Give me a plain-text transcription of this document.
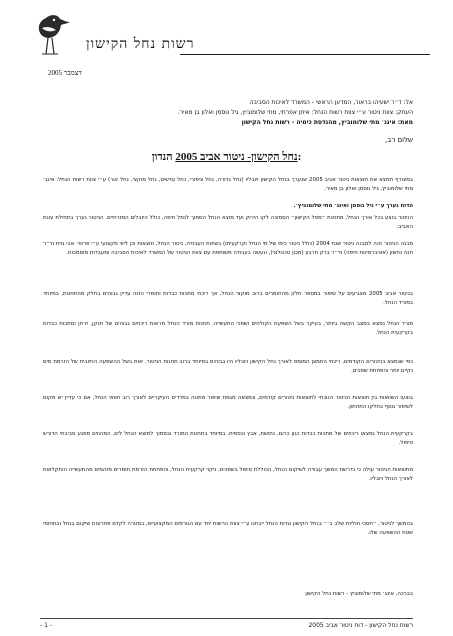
רשות נחל הקישון
דצמבר 2005
אל: ד״ר ישעיהו בראור, המדען הראשי - המשרד לאיכות הסביבה
העתק: צוות ניטור ע״י צוות רשות הנחל: איתן אפרתי, מתי שלומוביץ, גיל נוסמן ואלון בן מאיר.
מאת: אינג׳ מתי שלומוביץ, מהנדסת כימיה - רשות נחל הקישון
שלום רב,
נחל הקישון- ניטור אביב 2005 הנדון:
במצורף תמצא את תוצאות ניטור אביב 2005 שנערך בנחל הקישון ויובליו (נחל גדורה, נחל ציפורי, נחל עדשים, נחל מוקצי, נחל יגור) ע״י צוות רשות הנחל: אינג׳ מתי שלומוביץ, גיל נוסמן ואלון בן מאיר.
הדוח נערך ע״י גיל נוסמן ואינג׳ מתי שלומוביץ׳.
הניטור בוצע בכל אורך הנחל, מתחנת ״מפל הקישון״ הסמוכה לקו הירוק ועד מוצא הנחל הסמוך לנמל חיפה, כולל היובלים המזרחיים. הניטור נערך בתחילת עונת האביב.
מבנה הניטור זהה למבנה ניטור שנת 2004 (כולל ניטור כימי של מי הנחל וקרקעיתו) בשיטת העבודה, ניטור הנחל, תוצאות וכן ליווי מקצועי ע״י פרופ׳ אבי גזית וד״ר חנה נחשון (אוניברסיטת חיפה) וד״ר ברק חרבון (מכון טכנולוגי), ונעשה בעבודה משותפת עם צוות הניטור של המשרד לאיכות הסביבה ומעבדות מוסמכות.
בניטור אביב 2005 מצביעים על שיפור במספר חלק מהחומרים ברוב מוקצי הנחל, אך ריכוזי מתכות כבדות וחומרי הזנה עדיין גבוהים בחלק מהתחנות, במיוחד במורד הנחל.
מורד הנחל נמצא במצב הקשה ביותר, בעיקר בשל השפעת הקולחים ושפכי התעשייה. תחנות מורד הנחל מראות ריכוזים גבוהים של חנקן, זרחן ומתכות כבדות בקרקעית הנחל.
כפי שנמצא בניטורים הקודמים, ריכוזי החמצן המומס לאורך נחל הקישון ויובליו היו גבוהים במיוחד ברוב תחנות הניטור. זאת בשל ההשפעה החיובית של הזרמת מים נקיים יותר והפחתת שפכים.
בוצעו השוואות בין תוצאות הניטור הנוכחי לתוצאות ניטורים קודמים, ונמצאה מגמת שיפור מתונה במדדים העיקריים לאורך רוב תוואי הנחל, אם כי עדיין יש מקום לשיפור נוסף בחלקו התחתון.
בקרקעית הנחל נמצאו ריכוזים של מתכות כבדות כגון כרום, נחושת, אבץ וכספית, במיוחד בתחנות המורד ובסמוך למוצא הנחל לים, המהווים מפגע סביבתי הדורש טיפול.
מתוצאות הניטור עולה כי נדרשת המשך עבודה לשיקום הנחל, הכוללת טיפול בשפכים, ניקוי קרקעית הנחל, והפחתת הזרמת חומרים מזהמים מהתעשייה והחקלאות לאורך הנחל ויובליו.
בהמשך לניטור, ״חסכי חוליות שלב ב׳״ בנחל הקישון וגדות הנחל ייבחנו ע״י צוות הרשות יחד עם הגורמים המקצועיים, במטרה לקדם פתרונות שיקום בנחל ובתחומי שטח ההשפעה שלו.
בברכה, אינג׳ מתי שלומוביץ - רשות נחל הקישון
- 1 -	רשות נחל הקישון - דוח ניטור אביב 2005
